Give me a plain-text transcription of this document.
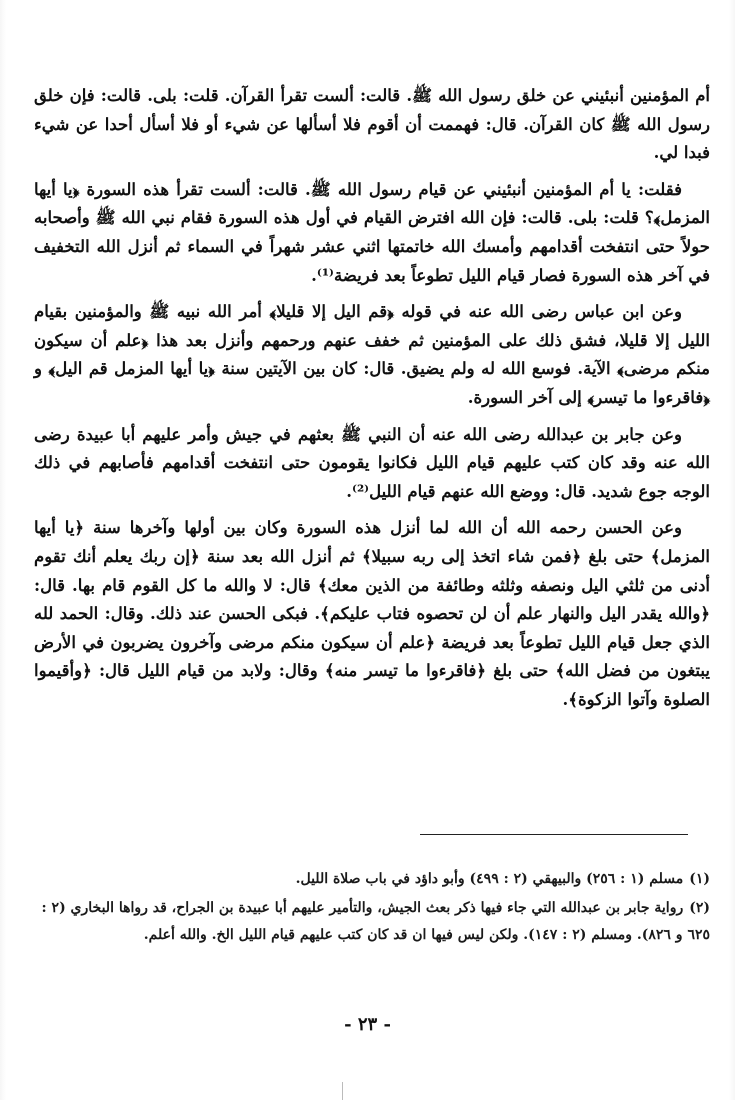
أم المؤمنين أنبئيني عن خلق رسول الله ﷺ. قالت: ألست تقرأ القرآن. قلت: بلى. قالت: فإن خلق رسول الله ﷺ كان القرآن. قال: فهممت أن أقوم فلا أسألها عن شيء أو فلا أسأل أحدا عن شيء فبدا لي.

فقلت: يا أم المؤمنين أنبئيني عن قيام رسول الله ﷺ. قالت: ألست تقرأ هذه السورة ﴿يا أيها المزمل﴾؟ قلت: بلى. قالت: فإن الله افترض القيام في أول هذه السورة فقام نبي الله ﷺ وأصحابه حولاً حتى انتفخت أقدامهم وأمسك الله خاتمتها اثني عشر شهراً في السماء ثم أنزل الله التخفيف في آخر هذه السورة فصار قيام الليل تطوعاً بعد فريضة⁽¹⁾.

وعن ابن عباس رضى الله عنه في قوله ﴿قم اليل إلا قليلا﴾ أمر الله نبيه ﷺ والمؤمنين بقيام الليل إلا قليلا، فشق ذلك على المؤمنين ثم خفف عنهم ورحمهم وأنزل بعد هذا ﴿علم أن سيكون منكم مرضى﴾ الآية. فوسع الله له ولم يضيق. قال: كان بين الآيتين سنة ﴿يا أيها المزمل قم اليل﴾ و ﴿فاقرءوا ما تيسر﴾ إلى آخر السورة.

وعن جابر بن عبدالله رضى الله عنه أن النبي ﷺ بعثهم في جيش وأمر عليهم أبا عبيدة رضى الله عنه وقد كان كتب عليهم قيام الليل فكانوا يقومون حتى انتفخت أقدامهم فأصابهم في ذلك الوجه جوع شديد. قال: ووضع الله عنهم قيام الليل⁽²⁾.

وعن الحسن رحمه الله أن الله لما أنزل هذه السورة وكان بين أولها وآخرها سنة ﴿يا أيها المزمل﴾ حتى بلغ ﴿فمن شاء اتخذ إلى ربه سبيلا﴾ ثم أنزل الله بعد سنة ﴿إن ربك يعلم أنك تقوم أدنى من ثلثي اليل ونصفه وثلثه وطائفة من الذين معك﴾ قال: لا والله ما كل القوم قام بها. قال: ﴿والله يقدر اليل والنهار علم أن لن تحصوه فتاب عليكم﴾. فبكى الحسن عند ذلك. وقال: الحمد لله الذي جعل قيام الليل تطوعاً بعد فريضة ﴿علم أن سيكون منكم مرضى وآخرون يضربون في الأرض يبتغون من فضل الله﴾ حتى بلغ ﴿فاقرءوا ما تيسر منه﴾ وقال: ولابد من قيام الليل قال: ﴿وأقيموا الصلوة وآتوا الزكوة﴾.

(١)مسلم (١ : ٢٥٦) والبيهقي (٢ : ٤٩٩) وأبو داؤد في باب صلاة الليل.

(٢)رواية جابر بن عبدالله التي جاء فيها ذكر بعث الجيش، والتأمير عليهم أبا عبيدة بن الجراح، قد رواها البخاري (٢ : ٦٢٥ و ٨٢٦). ومسلم (٢ : ١٤٧). ولكن ليس فيها ان قد كان كتب عليهم قيام الليل الخ. والله أعلم.

- ٢٣ -
